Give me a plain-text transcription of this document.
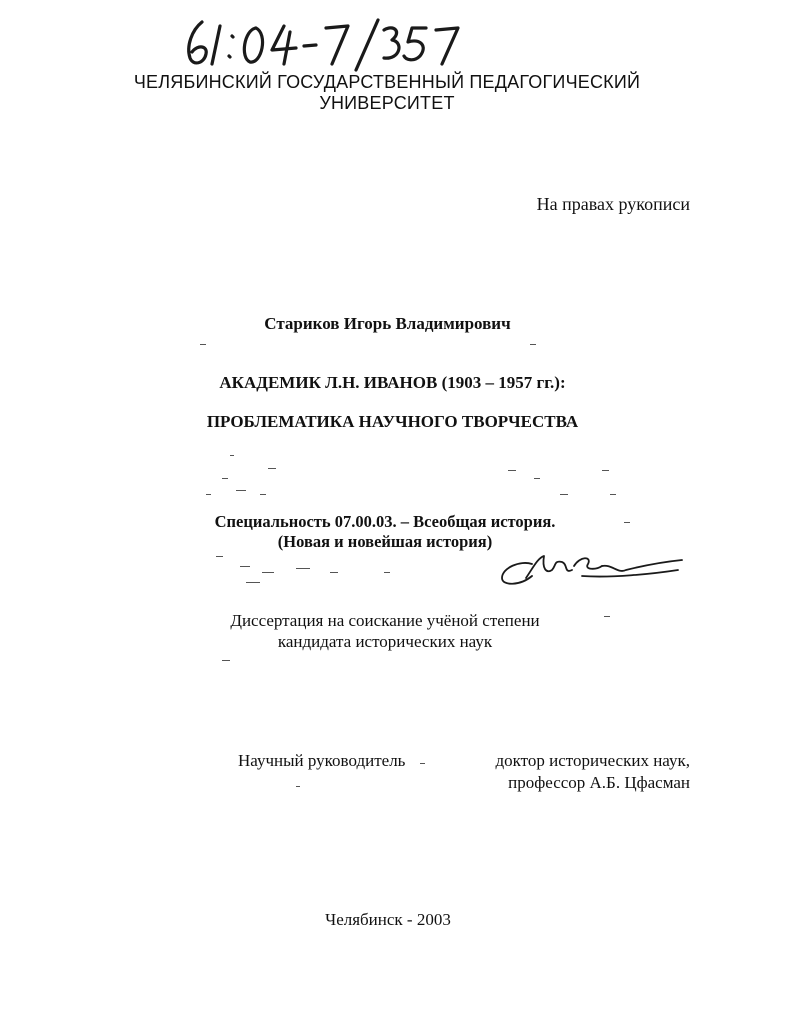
ЧЕЛЯБИНСКИЙ ГОСУДАРСТВЕННЫЙ ПЕДАГОГИЧЕСКИЙ УНИВЕРСИТЕТ
На правах рукописи
Стариков Игорь Владимирович
АКАДЕМИК Л.Н. ИВАНОВ (1903 – 1957 гг.):
ПРОБЛЕМАТИКА НАУЧНОГО ТВОРЧЕСТВА
Специальность 07.00.03. – Всеобщая история.
(Новая и новейшая история)
Диссертация на соискание учёной степени
кандидата исторических наук
Научный руководитель	доктор исторических наук,
профессор А.Б. Цфасман
Челябинск - 2003
